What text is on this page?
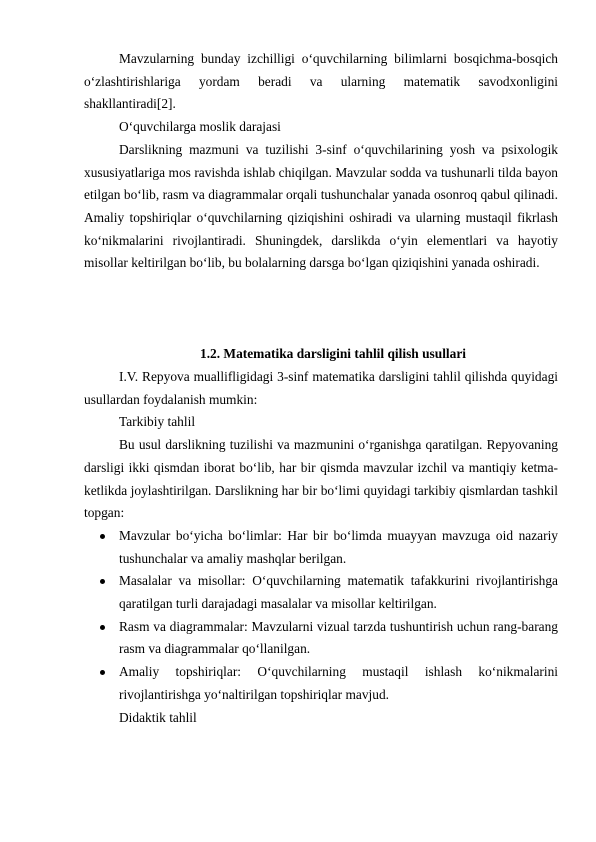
Mavzularning bunday izchilligi o‘quvchilarning bilimlarni bosqichma-bosqich o‘zlashtirishlariga yordam beradi va ularning matematik savodxonligini shakllantiradi[2].

O‘quvchilarga moslik darajasi

Darslikning mazmuni va tuzilishi 3-sinf o‘quvchilarining yosh va psixologik xususiyatlariga mos ravishda ishlab chiqilgan. Mavzular sodda va tushunarli tilda bayon etilgan bo‘lib, rasm va diagrammalar orqali tushunchalar yanada osonroq qabul qilinadi. Amaliy topshiriqlar o‘quvchilarning qiziqishini oshiradi va ularning mustaqil fikrlash ko‘nikmalarini rivojlantiradi. Shuningdek, darslikda o‘yin elementlari va hayotiy misollar keltirilgan bo‘lib, bu bolalarning darsga bo‘lgan qiziqishini yanada oshiradi.

1.2. Matematika darsligini tahlil qilish usullari

I.V. Repyova muallifligidagi 3-sinf matematika darsligini tahlil qilishda quyidagi usullardan foydalanish mumkin:

Tarkibiy tahlil

Bu usul darslikning tuzilishi va mazmunini o‘rganishga qaratilgan. Repyovaning darsligi ikki qismdan iborat bo‘lib, har bir qismda mavzular izchil va mantiqiy ketma-ketlikda joylashtirilgan. Darslikning har bir bo‘limi quyidagi tarkibiy qismlardan tashkil topgan:

Mavzular bo‘yicha bo‘limlar: Har bir bo‘limda muayyan mavzuga oid nazariy tushunchalar va amaliy mashqlar berilgan.
Masalalar va misollar: O‘quvchilarning matematik tafakkurini rivojlantirishga qaratilgan turli darajadagi masalalar va misollar keltirilgan.
Rasm va diagrammalar: Mavzularni vizual tarzda tushuntirish uchun rang-barang rasm va diagrammalar qo‘llanilgan.
Amaliy topshiriqlar: O‘quvchilarning mustaqil ishlash ko‘nikmalarini rivojlantirishga yo‘naltirilgan topshiriqlar mavjud.

Didaktik tahlil
